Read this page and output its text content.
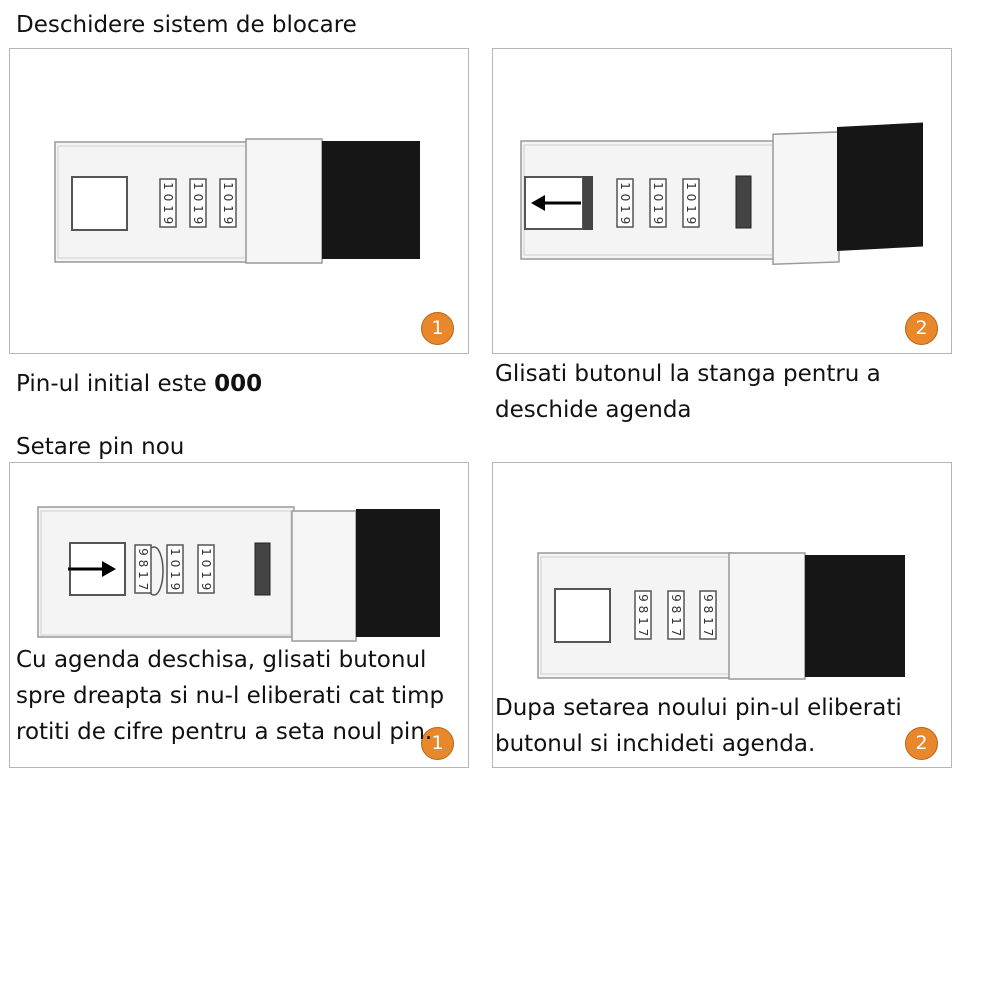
Deschidere sistem de blocare
1
0
1
9
1
0
1
9
1
0
1
9
1

Pin-ul initial este 000

1
0
1
9
1
0
1
9
1
0
1
9
2

Glisati butonul la stanga pentru a
deschide agenda

Setare pin nou
9
8
1
7
1
0
1
9
1
0
1
9
1

Cu agenda deschisa, glisati butonul
spre dreapta si nu-l eliberati cat timp
rotiti de cifre pentru a seta noul pin.

9
8
1
7
9
8
1
7
9
8
1
7
2

Dupa setarea noului pin-ul eliberati
butonul si inchideti agenda.
